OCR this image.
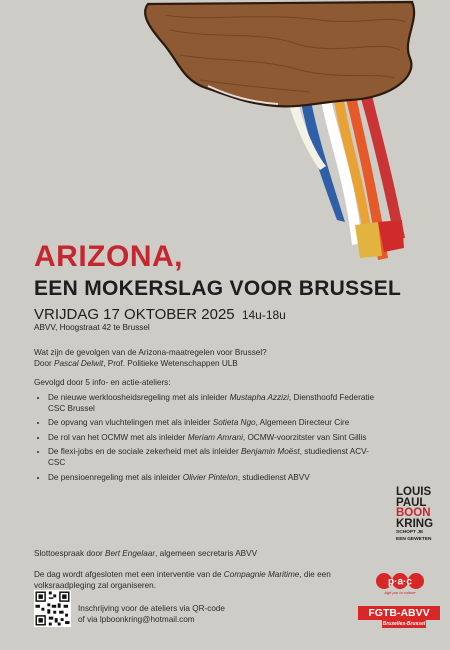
ARIZONA,
EEN MOKERSLAG VOOR BRUSSEL
VRIJDAG 17 OKTOBER 2025 14u-18u
ABVV, Hoogstraat 42 te Brussel
Wat zijn de gevolgen van de Arizona-maatregelen voor Brussel?
Door Pascal Delwit, Prof. Politieke Wetenschappen ULB
Gevolgd door 5 info- en actie-ateliers:
• De nieuwe werkloosheidsregeling met als inleider Mustapha Azzizi, Diensthoofd Federatie CSC Brussel
• De opvang van vluchtelingen met als inleider Sotieta Ngo, Algemeen Directeur Cire
• De rol van het OCMW met als inleider Meriam Amrani, OCMW-voorzitster van Sint Gillis
• De flexi-jobs en de sociale zekerheid met als inleider Benjamin Moëst, studiedienst ACV-CSC
• De pensioenregeling met als inleider Olivier Pintelon, studiedienst ABVV
Slottoespraak door Bert Engelaar, algemeen secretaris ABVV
De dag wordt afgesloten met een interventie van de Compagnie Maritime, die een volksraadpleging zal organiseren.
Inschrijving voor de ateliers via QR-code
of via lpboonkring@hotmail.com
LOUIS
PAUL
BOON
KRING
SCHOPT JE
EEN GEWETEN
p·a·c
Agir par la culture
FGTB-ABVV
Bruxelles-Brussel
